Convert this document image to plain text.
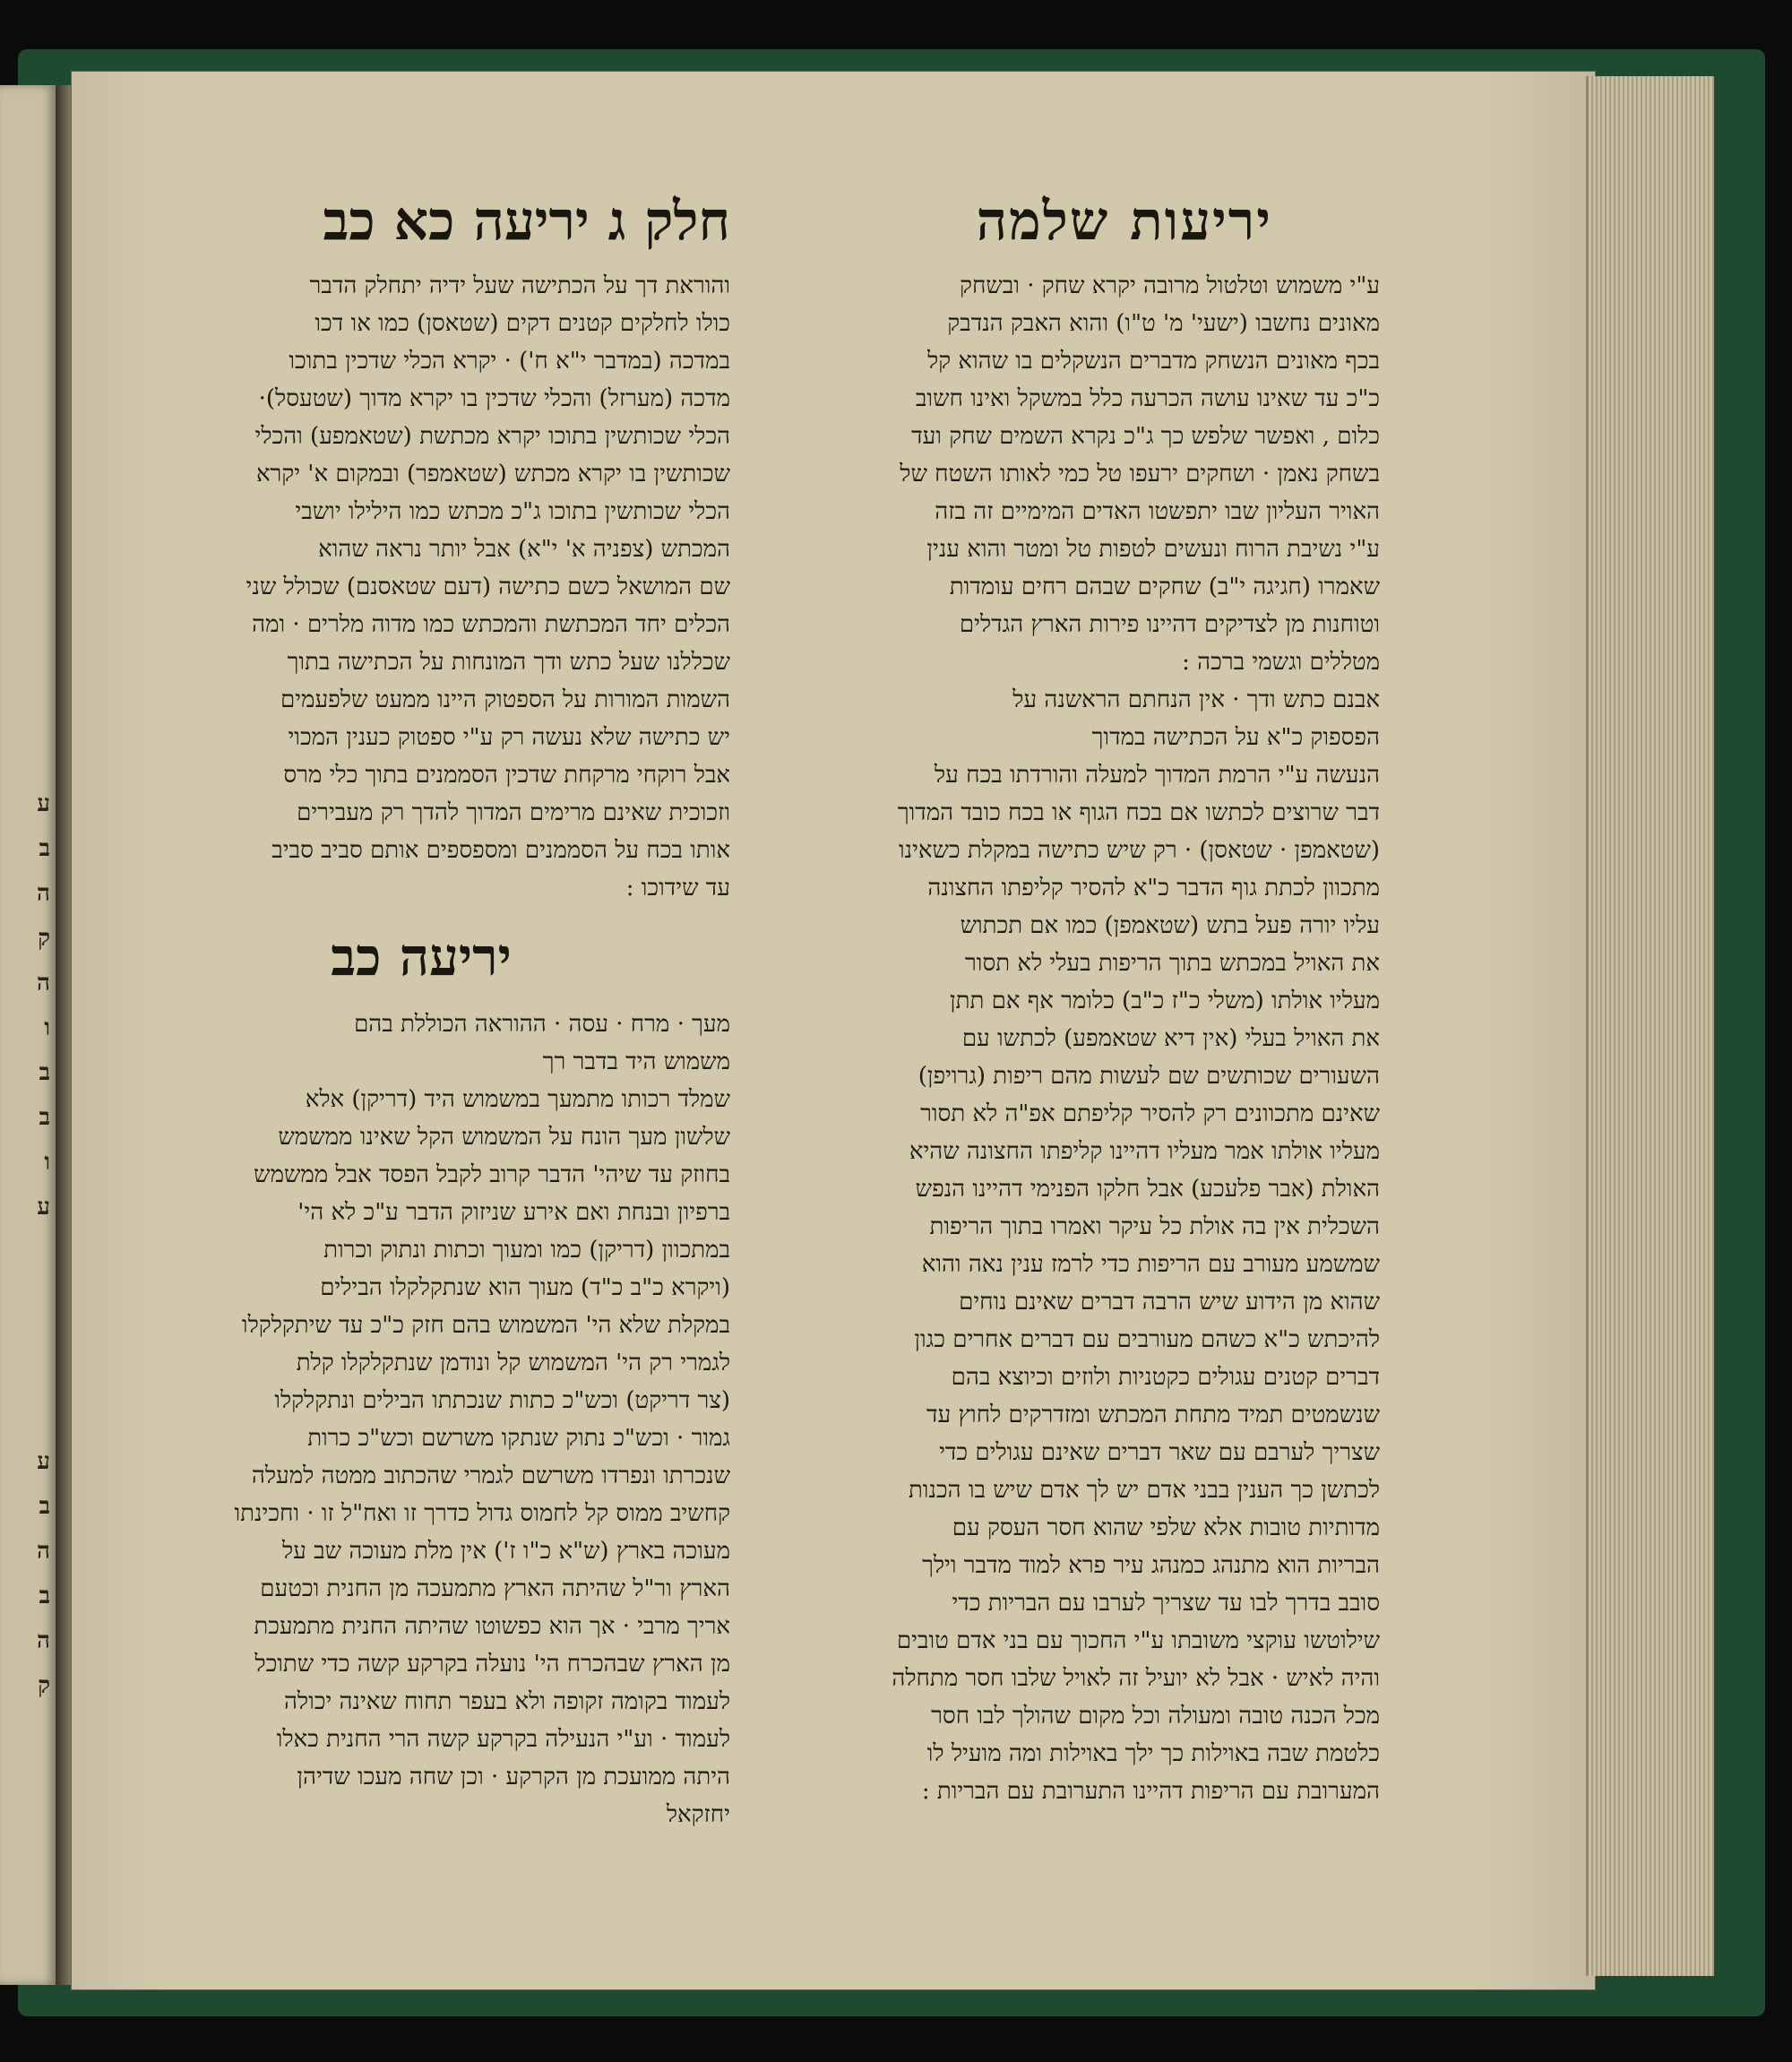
ע
ב
ה
ק
ה
ו
ב
ב
ו
ע
ע
ב
ה
ב
ה
ק
יריעות שלמה
חלק ג יריעה כא כב
ע"י משמוש וטלטול מרובה יקרא שחק · ובשחק
מאונים נחשבו (ישעי' מ' ט"ו) והוא האבק הנדבק
בכף מאונים הנשחק מדברים הנשקלים בו שהוא קל
כ"כ עד שאינו עושה הכרעה כלל במשקל ואינו חשוב
כלום , ואפשר שלפש כך ג"כ נקרא השמים שחק ועד
בשחק נאמן · ושחקים ירעפו טל כמי לאותו השטח של
האויר העליון שבו יתפשטו האדים המימיים זה בזה
ע"י נשיבת הרוח ונעשים לטפות טל ומטר והוא ענין
שאמרו (חגיגה י"ב) שחקים שבהם רחים עומדות
וטוחנות מן לצדיקים דהיינו פירות הארץ הגדלים
מטללים וגשמי ברכה :
אבנם כתש ודך · אין הנחתם הראשנה על
הפספוק כ"א על הכתישה במדוך
הנעשה ע"י הרמת המדוך למעלה והורדתו בכח על
דבר שרוצים לכתשו אם בכח הגוף או בכח כובד המדוך
(שטאמפן · שטאסן) · רק שיש כתישה במקלת כשאינו
מתכוון לכתת גוף הדבר כ"א להסיר קליפתו החצונה
עליו יורה פעל בתש (שטאמפן) כמו אם תכתוש
את האויל במכתש בתוך הריפות בעלי לא תסור
מעליו אולתו (משלי כ"ז כ"ב) כלומר אף אם תתן
את האויל בעלי (אין דיא שטאמפע) לכתשו עם
השעורים שכותשים שם לעשות מהם ריפות (גרויפן)
שאינם מתכוונים רק להסיר קליפתם אפ"ה לא תסור
מעליו אולתו אמר מעליו דהיינו קליפתו החצונה שהיא
האולת (אבר פלעכע) אבל חלקו הפנימי דהיינו הנפש
השכלית אין בה אולת כל עיקר ואמרו בתוך הריפות
שמשמע מעורב עם הריפות כדי לרמז ענין נאה והוא
שהוא מן הידוע שיש הרבה דברים שאינם נוחים
להיכתש כ"א כשהם מעורבים עם דברים אחרים כגון
דברים קטנים עגולים כקטניות ולוזים וכיוצא בהם
שנשמטים תמיד מתחת המכתש ומזדרקים לחוץ עד
שצריך לערבם עם שאר דברים שאינם עגולים כדי
לכתשן כך הענין בבני אדם יש לך אדם שיש בו הכנות
מדותיות טובות אלא שלפי שהוא חסר העסק עם
הבריות הוא מתנהג כמנהג עיר פרא למוד מדבר וילך
סובב בדרך לבו עד שצריך לערבו עם הבריות כדי
שילוטשו עוקצי משובתו ע"י החכוך עם בני אדם טובים
והיה לאיש · אבל לא יועיל זה לאויל שלבו חסר מתחלה
מכל הכנה טובה ומעולה וכל מקום שהולך לבו חסר
כלטמת שבה באוילות כך ילך באוילות ומה מועיל לו
המערובת עם הריפות דהיינו התערובת עם הבריות :
והוראת דך על הכתישה שעל ידיה יתחלק הדבר
כולו לחלקים קטנים דקים (שטאסן) כמו או דכו
במדכה (במדבר י"א ח') · יקרא הכלי שדכין בתוכו
מדכה (מערזל) והכלי שדכין בו יקרא מדוך (שטעסל)·
הכלי שכותשין בתוכו יקרא מכתשת (שטאמפע) והכלי
שכותשין בו יקרא מכתש (שטאמפר) ובמקום א' יקרא
הכלי שכותשין בתוכו ג"כ מכתש כמו הילילו יושבי
המכתש (צפניה א' י"א) אבל יותר נראה שהוא
שם המושאל כשם כתישה (דעם שטאסנם) שכולל שני
הכלים יחד המכתשת והמכתש כמו מדוה מלרים · ומה
שכללנו שעל כתש ודך המונחות על הכתישה בתוך
השמות המורות על הספטוק היינו ממעט שלפעמים
יש כתישה שלא נעשה רק ע"י ספטוק כענין המכוי
אבל רוקחי מרקחת שדכין הסממנים בתוך כלי מרס
וזכוכית שאינם מרימים המדוך להדך רק מעבירים
אותו בכח על הסממנים ומספספים אותם סביב סביב
עד שידוכו :
יריעה כב
מעך · מרח · עסה · ההוראה הכוללת בהם
משמוש היד בדבר רך
שמלד רכותו מתמעך במשמוש היד (דריקן) אלא
שלשון מעך הונח על המשמוש הקל שאינו ממשמש
בחוזק עד שיהי' הדבר קרוב לקבל הפסד אבל ממשמש
ברפיון ובנחת ואם אירע שניזוק הדבר ע"כ לא הי'
במתכוון (דריקן) כמו ומעוך וכתות ונתוק וכרות
(ויקרא כ"ב כ"ד) מעוך הוא שנתקלקלו הבילים
במקלת שלא הי' המשמוש בהם חזק כ"כ עד שיתקלקלו
לגמרי רק הי' המשמוש קל ונודמן שנתקלקלו קלת
(צר דריקט) וכש"כ כתות שנכתתו הבילים ונתקלקלו
גמור · וכש"כ נתוק שנתקו משרשם וכש"כ כרות
שנכרתו ונפרדו משרשם לגמרי שהכתוב ממטה למעלה
קחשיב ממוס קל לחמוס גדול כדרך זו ואח"ל זו · וחכינתו
מעוכה בארץ (ש"א כ"ו ז') אין מלת מעוכה שב על
הארץ ור"ל שהיתה הארץ מתמעכה מן החנית וכטעם
אריך מרבי · אך הוא כפשוטו שהיתה החנית מתמעכת
מן הארץ שבהכרח הי' נועלה בקרקע קשה כדי שתוכל
לעמוד בקומה זקופה ולא בעפר תחוח שאינה יכולה
לעמוד · וע"י הנעילה בקרקע קשה הרי החנית כאלו
היתה ממועכת מן הקרקע · וכן שחה מעכו שדיהן
יחזקאל
